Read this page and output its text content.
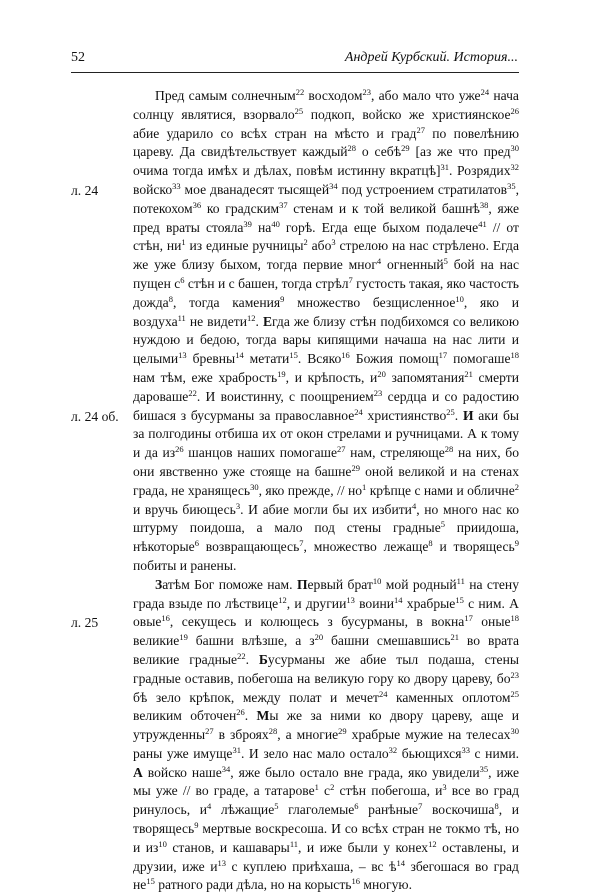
52	Андрей Курбский. История...
л. 24
л. 24 об.
л. 25

Пред самым солнечным$^{22}$ восходом$^{23}$, або мало что уже$^{24}$ нача солнцу являтися, взорвало$^{25}$ подкоп, войско же християнское$^{26}$ абие ударило со всѣх стран на мѣсто и град$^{27}$ по повелѣнию цареву. Да свидѣтельствует каждый$^{28}$ о себѣ$^{29}$ [аз же что пред$^{30}$ очима тогда имѣх и дѣлах, повѣм истинну вкратцѣ]$^{31}$. Розрядих$^{32}$ войско$^{33}$ мое дванадесят тысящей$^{34}$ под устроением стратилатов$^{35}$, потекохом$^{36}$ ко градским$^{37}$ стенам и к той великой башнѣ$^{38}$, яже пред враты стояла$^{39}$ $на^{40}$ горѣ. Егда еще быхом подалече$^{41}$ // от стѣн, $ни^1$ из единые ручницы$^2$ або$^3$ стрелою на нас стрѣлено. Егда же уже близу быхом, тогда первие мног$^4$ огненный$^5$ бой на нас пущен $с^6$ стѣн и с башен, тогда стрѣл$^7$ густость такая, яко частость дожда$^8$, тогда камения$^9$ множество безщисленное$^{10}$, яко и воздуха$^{11}$ не видети$^{12}$. Егда же близу стѣн подбихомся со великою нуждою и бедою, тогда вары кипящими начаша на нас лити и целыми$^{13}$ бревны$^{14}$ метати$^{15}$. Всяко$^{16}$ Божия помощ$^{17}$ помогаше$^{18}$ нам тѣм, еже храбрость$^{19}$, и крѣпость, $и^{20}$ запомятания$^{21}$ смерти дароваше$^{22}$. И воистинну, с поощрением$^{23}$ сердца и со радостию бишася з бусурманы за православное$^{24}$ християнство$^{25}$. И аки бы за полгодины отбиша их от окон стрелами и ручницами. А к тому и да $из^{26}$ шанцов наших помогаше$^{27}$ нам, стреляюще$^{28}$ на них, бо они явственно уже стояще на башне$^{29}$ оной великой и на стенах града, не хранящесь$^{30}$, яко прежде, // $но^1$ крѣпце с нами и обличне$^2$ и вручь биющесь$^3$. И абие могли бы их избити$^4$, но много нас ко штурму поидоша, а мало под стены градные$^5$ приидоша, нѣкоторые$^6$ возвращающесь$^7$, множество лежаще$^8$ и творящесь$^9$ побиты и ранены.

Затѣм Бог поможе нам. Первый брат$^{10}$ мой родный$^{11}$ на стену града взыде по лѣствице$^{12}$, и другии$^{13}$ воини$^{14}$ храбрые$^{15}$ с ним. А овые$^{16}$, секущесь и колющесь з бусурманы, в вокна$^{17}$ оные$^{18}$ великие$^{19}$ башни влѣзше, а $з^{20}$ башни смешавшись$^{21}$ во врата великие градные$^{22}$. Бусурманы же абие тыл подаша, стены градные оставив, побегоша на великую гору ко двору цареву, $бо^{23}$ бѣ зело крѣпок, между полат и мечет$^{24}$ каменных оплотом$^{25}$ великим обточен$^{26}$. Мы же за ними ко двору цареву, аще и утружденны$^{27}$ в зброях$^{28}$, а многие$^{29}$ храбрые мужие на телесах$^{30}$ раны уже имуще$^{31}$. И зело нас мало остало$^{32}$ бьющихся$^{33}$ с ними. А войско наше$^{34}$, яже было остало вне града, яко увидели$^{35}$, иже мы уже // во граде, а татарове$^1$ $с^2$ стѣн побегоша, $и^3$ все во град ринулось, $и^4$ лѣжащие$^5$ глаголемые$^6$ ранѣные$^7$ воскочиша$^8$, и творящесь$^9$ мертвые воскресоша. И со всѣх стран не токмо тѣ, но и $из^{10}$ станов, и кашавары$^{11}$, и иже были у конех$^{12}$ оставлены, и друзии, иже $и^{13}$ с куплею приѣхаша, – вс $ѣ^{14}$ збегошася во град $не^{15}$ ратного ради дѣла, но на корысть$^{16}$ многую.
